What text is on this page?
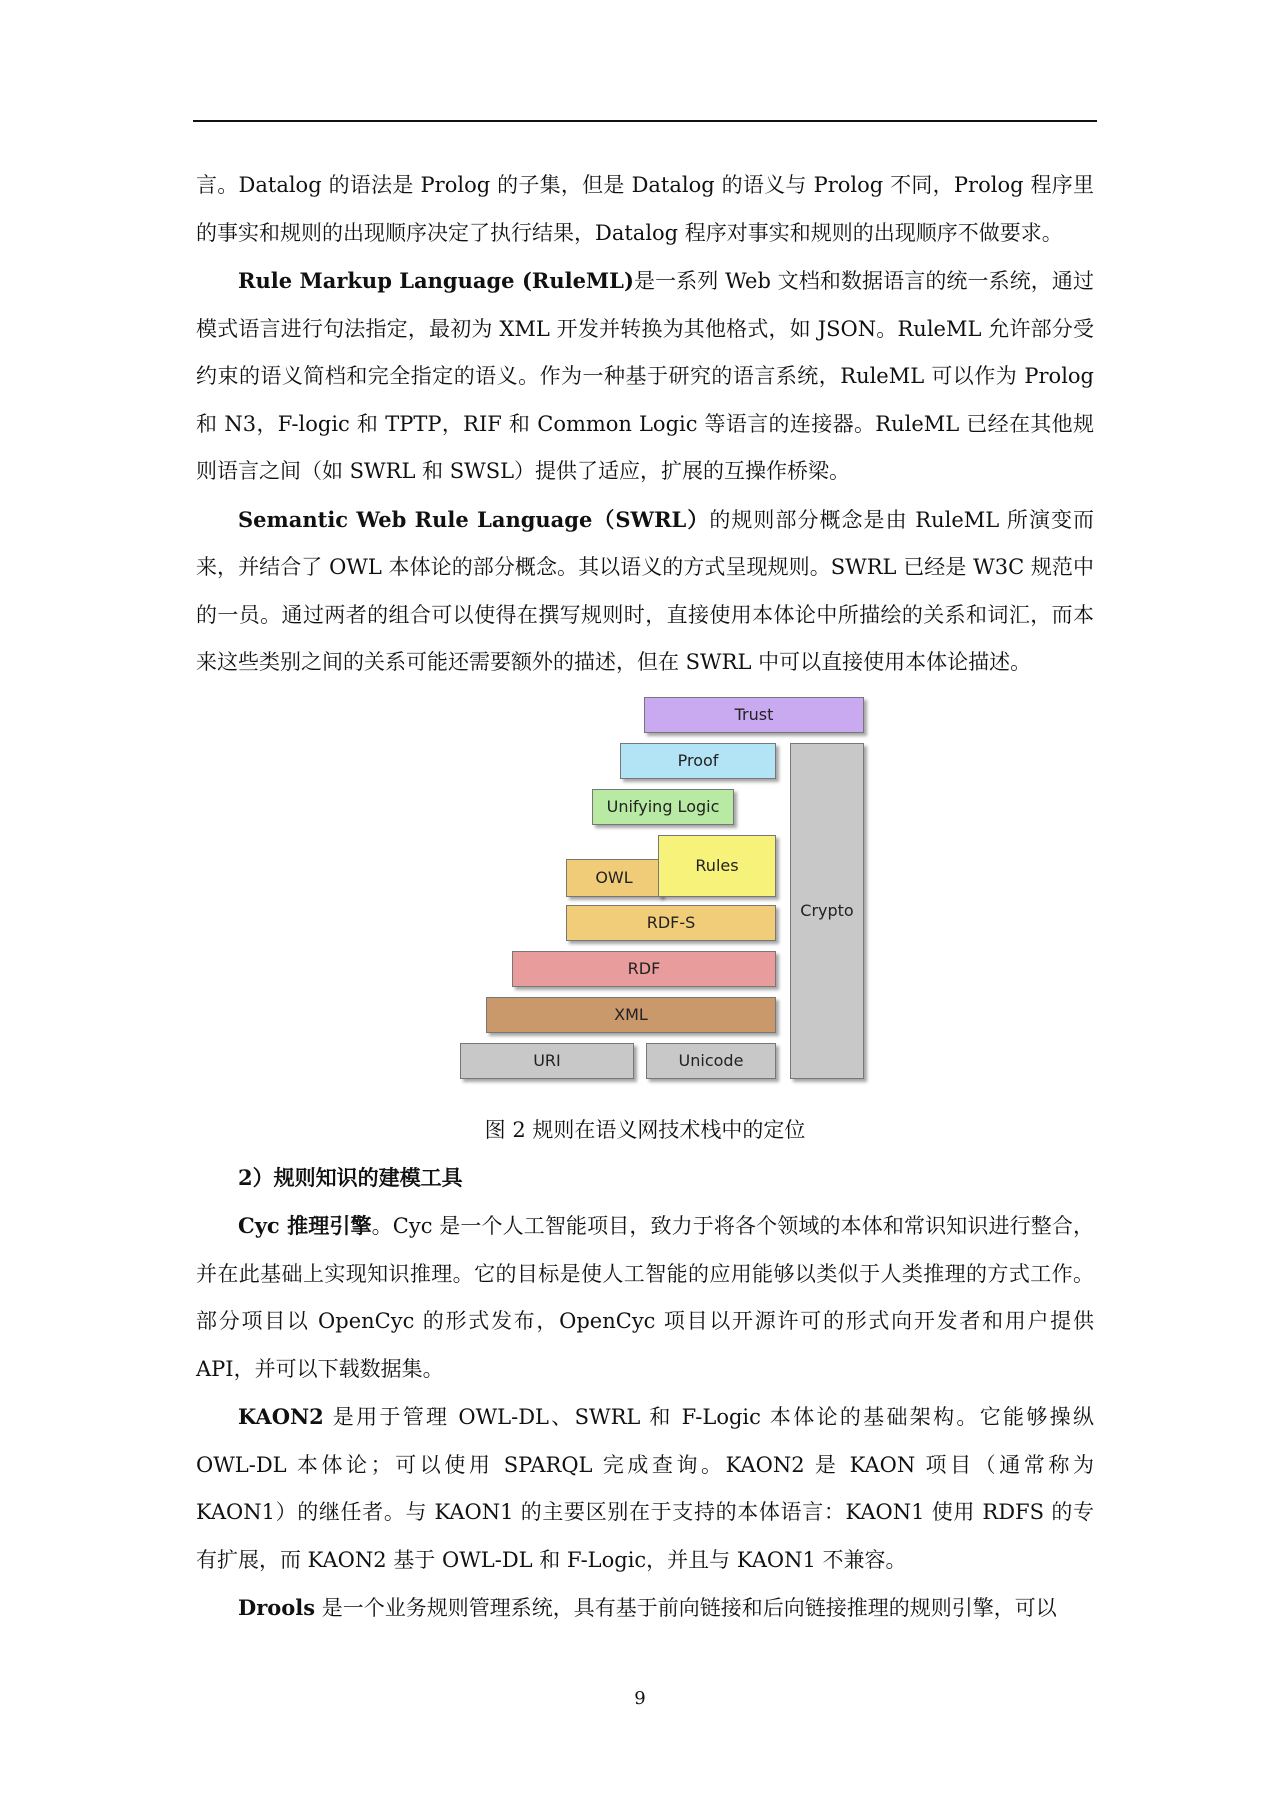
言。Datalog 的语法是 Prolog 的子集，但是 Datalog 的语义与 Prolog 不同，Prolog 程序里的事实和规则的出现顺序决定了执行结果，Datalog 程序对事实和规则的出现顺序不做要求。

Rule Markup Language (RuleML)是一系列 Web 文档和数据语言的统一系统，通过模式语言进行句法指定，最初为 XML 开发并转换为其他格式，如 JSON。RuleML 允许部分受约束的语义简档和完全指定的语义。作为一种基于研究的语言系统，RuleML 可以作为 Prolog 和 N3，F-logic 和 TPTP，RIF 和 Common Logic 等语言的连接器。RuleML 已经在其他规则语言之间（如 SWRL 和 SWSL）提供了适应，扩展的互操作桥梁。

Semantic Web Rule Language（SWRL）的规则部分概念是由 RuleML 所演变而来，并结合了 OWL 本体论的部分概念。其以语义的方式呈现规则。SWRL 已经是 W3C 规范中的一员。通过两者的组合可以使得在撰写规则时，直接使用本体论中所描绘的关系和词汇，而本来这些类别之间的关系可能还需要额外的描述，但在 SWRL 中可以直接使用本体论描述。

Trust
Proof
Unifying Logic
OWL
Rules
RDF-S
RDF
XML
URI	Unicode
Crypto

图 2 规则在语义网技术栈中的定位

2）规则知识的建模工具

Cyc 推理引擎。Cyc 是一个人工智能项目，致力于将各个领域的本体和常识知识进行整合，并在此基础上实现知识推理。它的目标是使人工智能的应用能够以类似于人类推理的方式工作。部分项目以 OpenCyc 的形式发布，OpenCyc 项目以开源许可的形式向开发者和用户提供 API，并可以下载数据集。

KAON2 是用于管理 OWL-DL、SWRL 和 F-Logic 本体论的基础架构。它能够操纵 OWL-DL 本体论；可以使用 SPARQL 完成查询。KAON2 是 KAON 项目（通常称为 KAON1）的继任者。与 KAON1 的主要区别在于支持的本体语言：KAON1 使用 RDFS 的专有扩展，而 KAON2 基于 OWL-DL 和 F-Logic，并且与 KAON1 不兼容。

Drools 是一个业务规则管理系统，具有基于前向链接和后向链接推理的规则引擎，可以

9
